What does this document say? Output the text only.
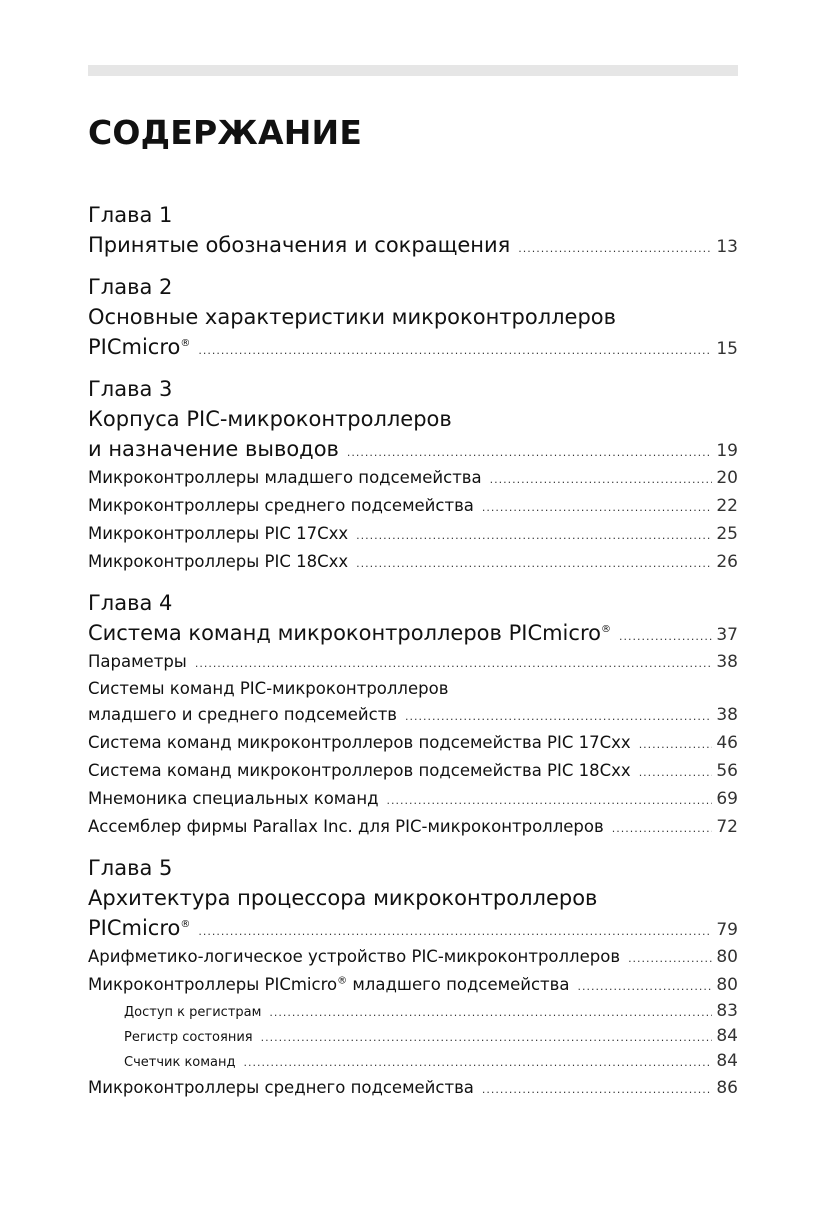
СОДЕРЖАНИЕ
Глава 1
Принятые обозначения и сокращения .....	13
Глава 2
Основные характеристики микроконтроллеров
PICmicro® .....	15
Глава 3
Корпуса PIC-микроконтроллеров
и назначение выводов .....	19
Микроконтроллеры младшего подсемейства .....	20
Микроконтроллеры среднего подсемейства .....	22
Микроконтроллеры PIC 17Cxx .....	25
Микроконтроллеры PIC 18Cxx .....	26
Глава 4
Система команд микроконтроллеров PICmicro® .....	37
Параметры .....	38
Системы команд PIC-микроконтроллеров
младшего и среднего подсемейств .....	38
Система команд микроконтроллеров подсемейства PIC 17Cxx .....	46
Система команд микроконтроллеров подсемейства PIC 18Cxx .....	56
Мнемоника специальных команд .....	69
Ассемблер фирмы Parallax Inc. для PIC-микроконтроллеров .....	72
Глава 5
Архитектура процессора микроконтроллеров
PICmicro® .....	79
Арифметико-логическое устройство PIC-микроконтроллеров .....	80
Микроконтроллеры PICmicro® младшего подсемейства .....	80
Доступ к регистрам .....	83
Регистр состояния .....	84
Счетчик команд .....	84
Микроконтроллеры среднего подсемейства .....	86
